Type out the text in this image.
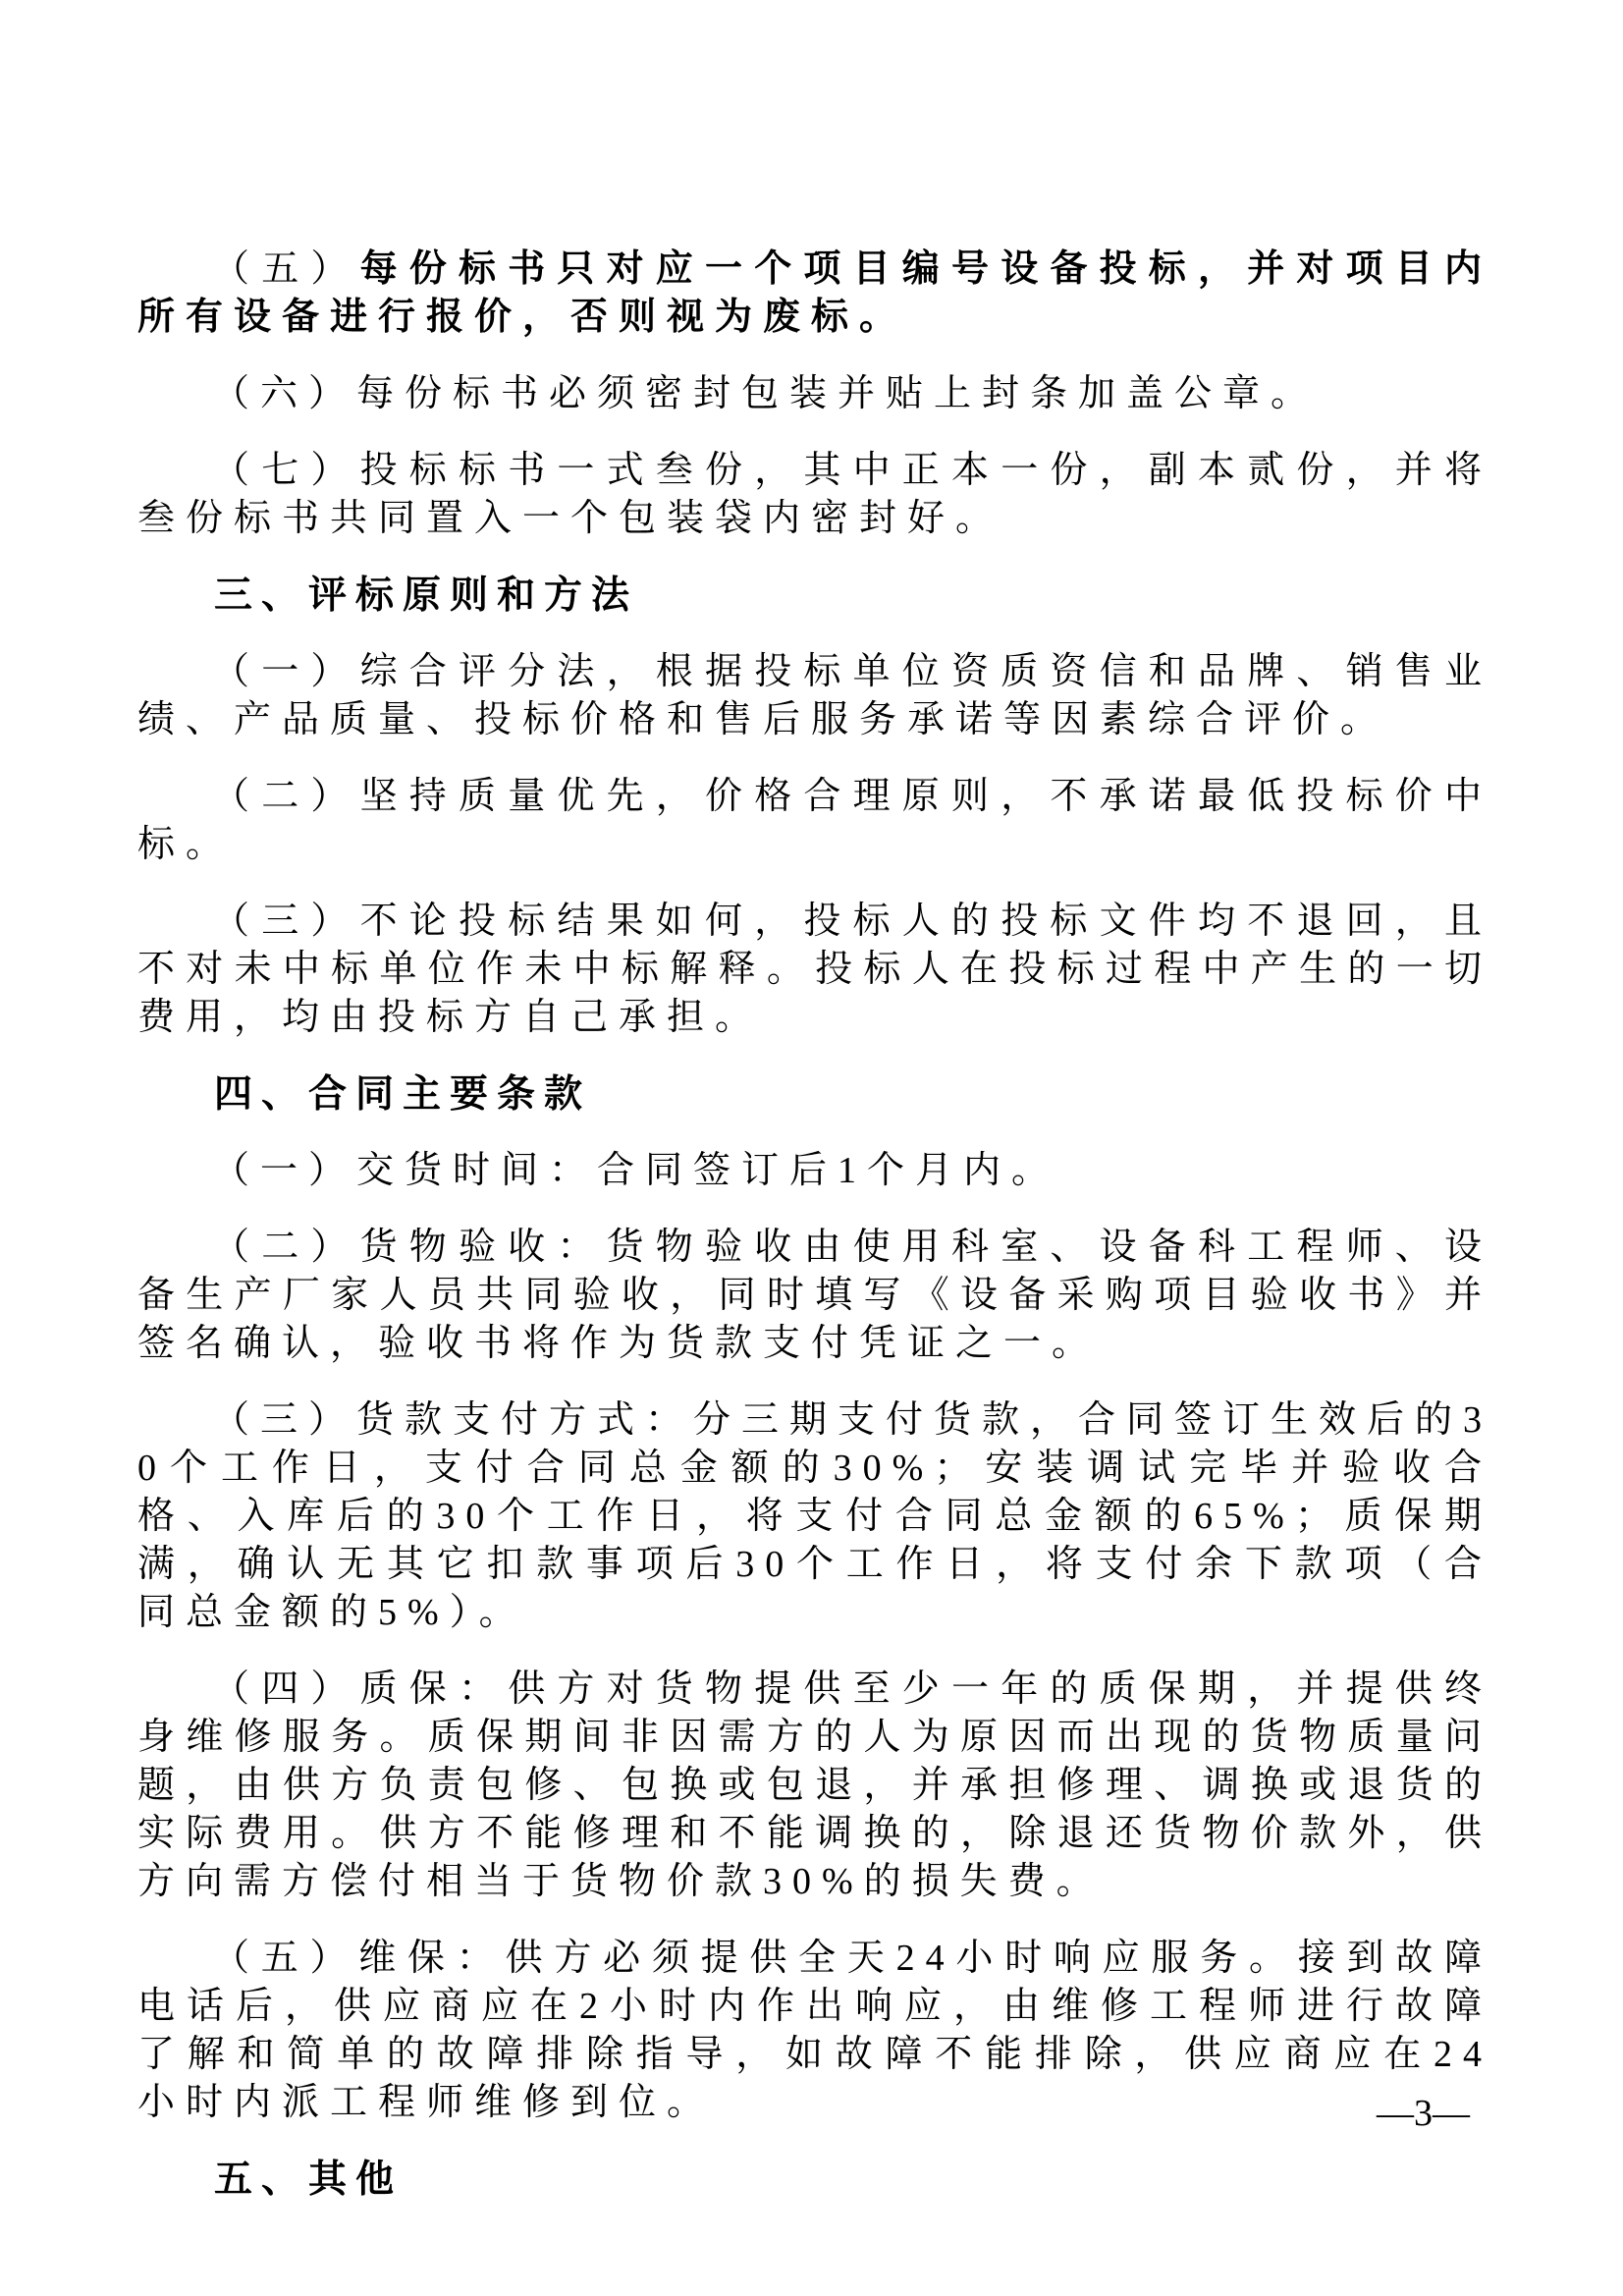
（五）每份标书只对应一个项目编号设备投标，并对项目内所有设备进行报价，否则视为废标。

（六）每份标书必须密封包装并贴上封条加盖公章。

（七）投标标书一式叁份，其中正本一份，副本贰份，并将叁份标书共同置入一个包装袋内密封好。

三、评标原则和方法

（一）综合评分法，根据投标单位资质资信和品牌、销售业绩、产品质量、投标价格和售后服务承诺等因素综合评价。

（二）坚持质量优先，价格合理原则，不承诺最低投标价中标。

（三）不论投标结果如何，投标人的投标文件均不退回，且不对未中标单位作未中标解释。投标人在投标过程中产生的一切费用，均由投标方自己承担。

四、合同主要条款

（一）交货时间：合同签订后1个月内。

（二）货物验收：货物验收由使用科室、设备科工程师、设备生产厂家人员共同验收，同时填写《设备采购项目验收书》并签名确认，验收书将作为货款支付凭证之一。

（三）货款支付方式：分三期支付货款，合同签订生效后的30个工作日，支付合同总金额的30%；安装调试完毕并验收合格、入库后的30个工作日，将支付合同总金额的65%；质保期满，确认无其它扣款事项后30个工作日，将支付余下款项（合同总金额的5%）。

（四）质保：供方对货物提供至少一年的质保期，并提供终身维修服务。质保期间非因需方的人为原因而出现的货物质量问题，由供方负责包修、包换或包退，并承担修理、调换或退货的实际费用。供方不能修理和不能调换的，除退还货物价款外，供方向需方偿付相当于货物价款30%的损失费。

（五）维保：供方必须提供全天24小时响应服务。接到故障电话后，供应商应在2小时内作出响应，由维修工程师进行故障了解和简单的故障排除指导，如故障不能排除，供应商应在24小时内派工程师维修到位。

五、其他
—3—
